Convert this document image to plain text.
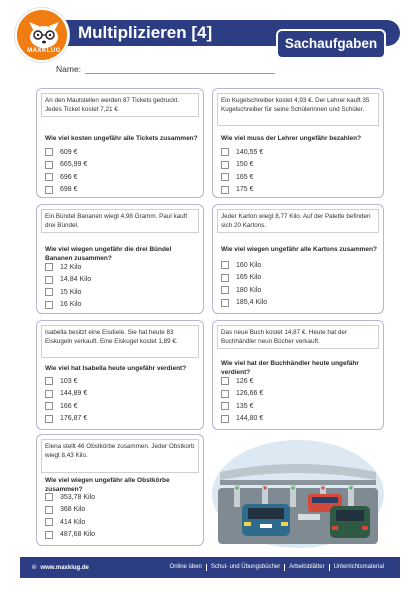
MAXKLUG
Multiplizieren [4]
Sachaufgaben
Name:
An den Mautstellen werden 87 Tickets gedruckt. Jedes Ticket kostet 7,21 €.
Wie viel kosten ungefähr alle Tickets zusammen?
609 €
665,99 €
696 €
698 €
Ein Kugelschreiber kostet 4,93 €. Der Lehrer kauft 35 Kugelschreiber für seine Schülerinnen und Schüler.
Wie viel muss der Lehrer ungefähr bezahlen?
140,55 €
150 €
165 €
175 €
Ein Bündel Bananen wiegt 4,98 Gramm. Paul kauft drei Bündel.
Wie viel wiegen ungefähr die drei Bündel Bananen zusammen?
12 Kilo
14,84 Kilo
15 Kilo
16 Kilo
Jeder Karton wiegt 8,77 Kilo. Auf der Palette befinden sich 20 Kartons.
Wie viel wiegen ungefähr alle Kartons zusammen?
160 Kilo
165 Kilo
180 Kilo
185,4 Kilo
Isabella besitzt eine Eisdiele. Sie hat heute 83 Eiskugeln verkauft. Eine Eiskugel kostet 1,89 €.
Wie viel hat Isabella heute ungefähr verdient?
103 €
144,89 €
166 €
176,87 €
Das neue Buch kostet 14,87 €. Heute hat der Buchhändler neun Bücher verkauft.
Wie viel hat der Buchhändler heute ungefähr verdient?
126 €
126,66 €
135 €
144,80 €
Elena stellt 46 Obstkörbe zusammen. Jeder Obstkorb wiegt 8,43 Kilo.
Wie viel wiegen ungefähr alle Obstkörbe zusammen?
353,78 Kilo
368 Kilo
414 Kilo
487,68 Kilo
© www.maxklug.de	Online üben	Schul- und Übungsbücher	Arbeitsblätter	Unterrichtsmaterial
